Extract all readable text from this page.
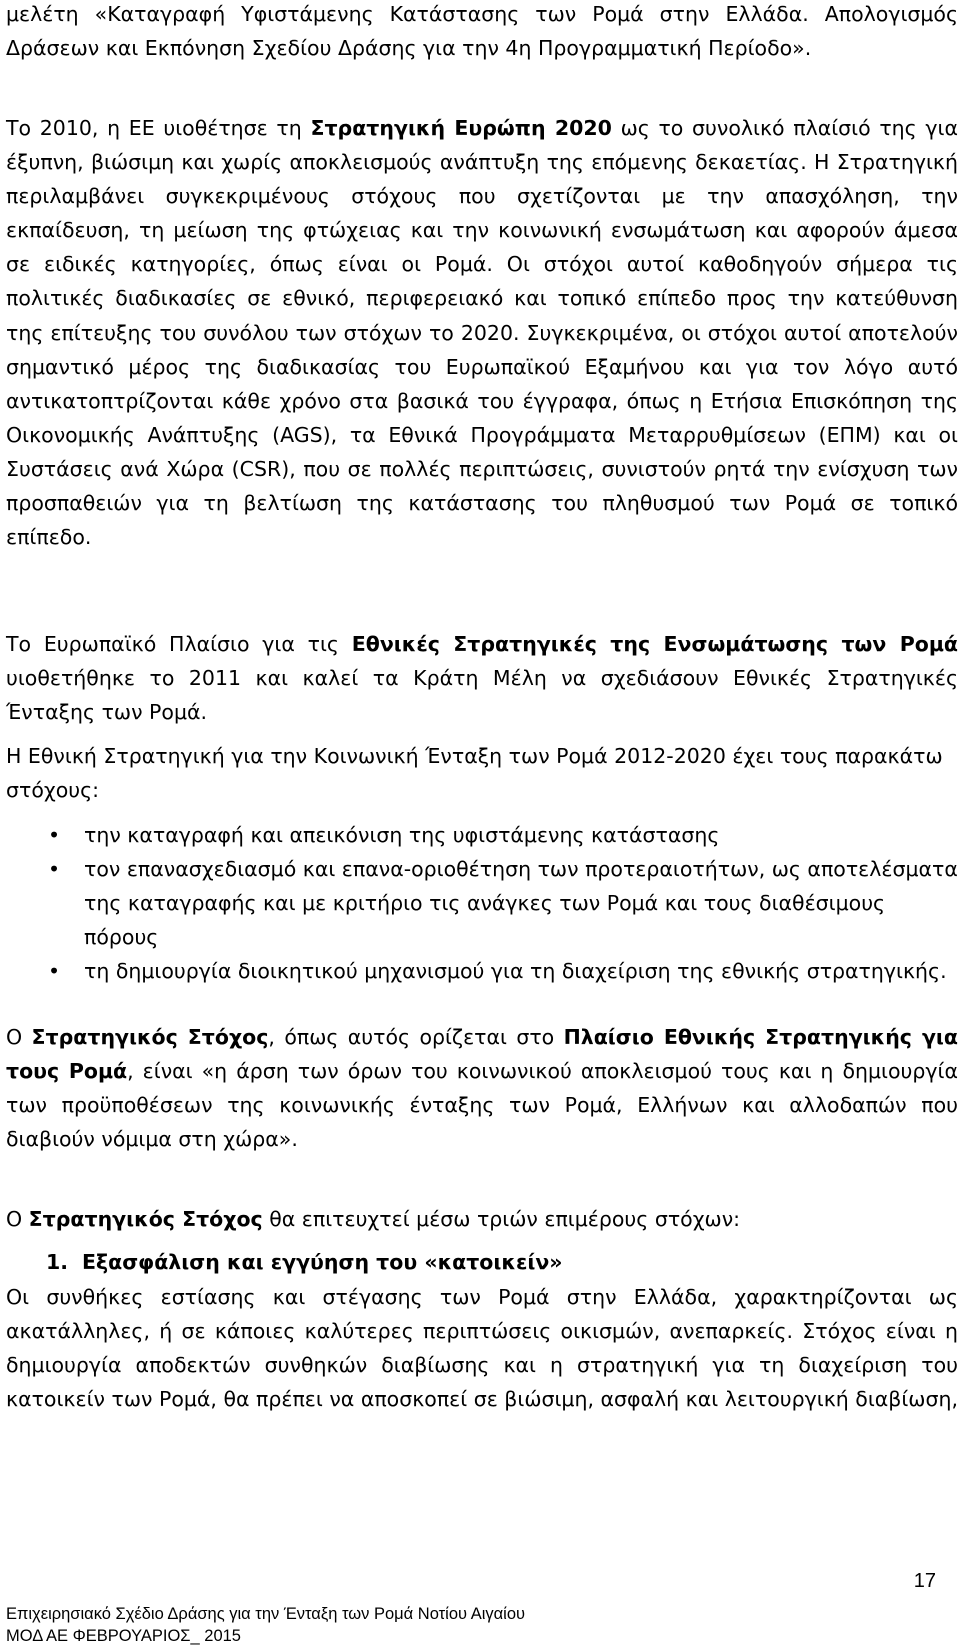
μελέτη «Καταγραφή Υφιστάμενης Κατάστασης των Ρομά στην Ελλάδα. Απολογισμός Δράσεων και Εκπόνηση Σχεδίου Δράσης για την 4η Προγραμματική Περίοδο».

Το 2010, η ΕΕ υιοθέτησε τη Στρατηγική Ευρώπη 2020 ως το συνολικό πλαίσιό της για έξυπνη, βιώσιμη και χωρίς αποκλεισμούς ανάπτυξη της επόμενης δεκαετίας. Η Στρατηγική περιλαμβάνει συγκεκριμένους στόχους που σχετίζονται με την απασχόληση, την εκπαίδευση, τη μείωση της φτώχειας και την κοινωνική ενσωμάτωση και αφορούν άμεσα σε ειδικές κατηγορίες, όπως είναι οι Ρομά. Οι στόχοι αυτοί καθοδηγούν σήμερα τις πολιτικές διαδικασίες σε εθνικό, περιφερειακό και τοπικό επίπεδο προς την κατεύθυνση της επίτευξης του συνόλου των στόχων το 2020. Συγκεκριμένα, οι στόχοι αυτοί αποτελούν σημαντικό μέρος της διαδικασίας του Ευρωπαϊκού Εξαμήνου και για τον λόγο αυτό αντικατοπτρίζονται κάθε χρόνο στα βασικά του έγγραφα, όπως η Ετήσια Επισκόπηση της Οικονομικής Ανάπτυξης (AGS), τα Εθνικά Προγράμματα Μεταρρυθμίσεων (ΕΠΜ) και οι Συστάσεις ανά Χώρα (CSR), που σε πολλές περιπτώσεις, συνιστούν ρητά την ενίσχυση των προσπαθειών για τη βελτίωση της κατάστασης του πληθυσμού των Ρομά σε τοπικό επίπεδο.

Το Ευρωπαϊκό Πλαίσιο για τις Εθνικές Στρατηγικές της Ενσωμάτωσης των Ρομά υιοθετήθηκε το 2011 και καλεί τα Κράτη Μέλη να σχεδιάσουν Εθνικές Στρατηγικές Ένταξης των Ρομά.

Η Εθνική Στρατηγική για την Κοινωνική Ένταξη των Ρομά 2012-2020 έχει τους παρακάτω στόχους:

• την καταγραφή και απεικόνιση της υφιστάμενης κατάστασης
• τον επανασχεδιασμό και επανα-οριοθέτηση των προτεραιοτήτων, ως αποτελέσματα της καταγραφής και με κριτήριο τις ανάγκες των Ρομά και τους διαθέσιμους πόρους
• τη δημιουργία διοικητικού μηχανισμού για τη διαχείριση της εθνικής στρατηγικής.

Ο Στρατηγικός Στόχος, όπως αυτός ορίζεται στο Πλαίσιο Εθνικής Στρατηγικής για τους Ρομά, είναι «η άρση των όρων του κοινωνικού αποκλεισμού τους και η δημιουργία των προϋποθέσεων της κοινωνικής ένταξης των Ρομά, Ελλήνων και αλλοδαπών που διαβιούν νόμιμα στη χώρα».

Ο Στρατηγικός Στόχος θα επιτευχτεί μέσω τριών επιμέρους στόχων:

1. Εξασφάλιση και εγγύηση του «κατοικείν»

Οι συνθήκες εστίασης και στέγασης των Ρομά στην Ελλάδα, χαρακτηρίζονται ως ακατάλληλες, ή σε κάποιες καλύτερες περιπτώσεις οικισμών, ανεπαρκείς. Στόχος είναι η δημιουργία αποδεκτών συνθηκών διαβίωσης και η στρατηγική για τη διαχείριση του κατοικείν των Ρομά, θα πρέπει να αποσκοπεί σε βιώσιμη, ασφαλή και λειτουργική διαβίωση,

17
Επιχειρησιακό Σχέδιο Δράσης για την Ένταξη των Ρομά Νοτίου Αιγαίου
ΜΟΔ ΑΕ ΦΕΒΡΟΥΑΡΙΟΣ_ 2015
